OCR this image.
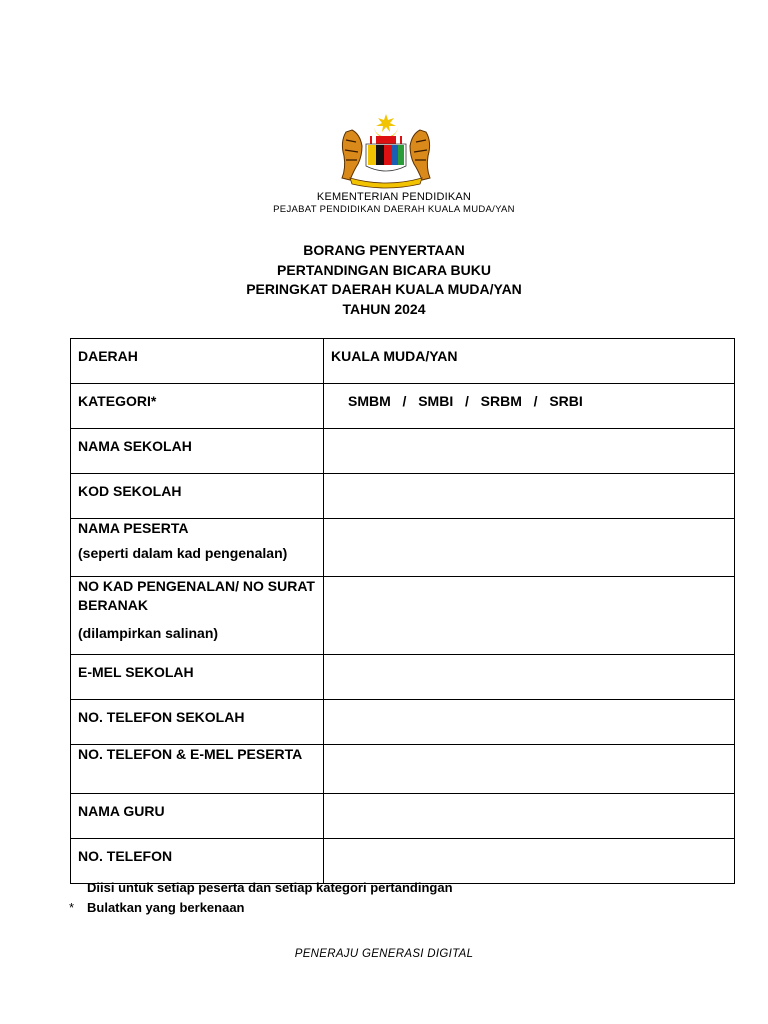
KEMENTERIAN PENDIDIKAN
PEJABAT PENDIDIKAN DAERAH KUALA MUDA/YAN
BORANG PENYERTAAN
PERTANDINGAN BICARA BUKU
PERINGKAT DAERAH KUALA MUDA/YAN
TAHUN 2024
DAERAH	KUALA MUDA/YAN
KATEGORI*	SMBM  /  SMBI  /  SRBM  /  SRBI
NAMA SEKOLAH	
KOD SEKOLAH	

NAMA PESERTA
(seperti dalam kad pengenalan)	

NO KAD PENGENALAN/ NO SURAT BERANAK
(dilampirkan salinan)	

E-MEL SEKOLAH	
NO. TELEFON SEKOLAH	
NO. TELEFON & E-MEL PESERTA	
NAMA GURU	
NO. TELEFON	
Diisi untuk setiap peserta dan setiap kategori pertandingan
* Bulatkan yang berkenaan
PENERAJU GENERASI DIGITAL
